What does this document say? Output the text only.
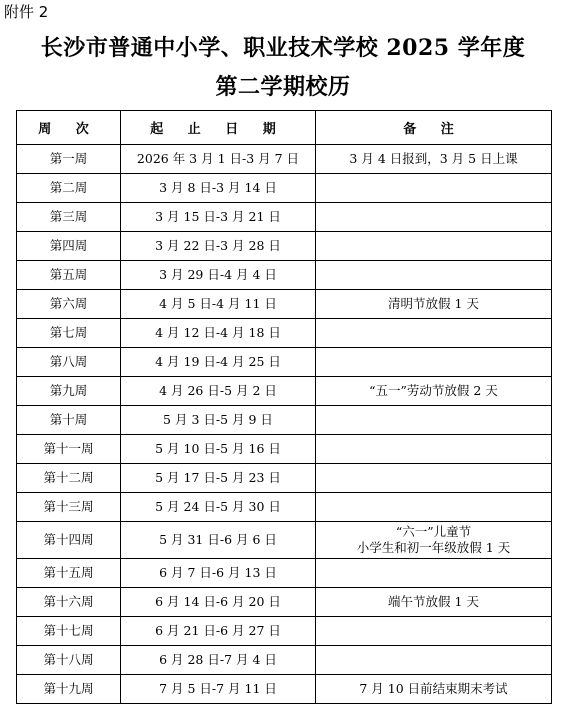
附件 2
长沙市普通中小学、职业技术学校 2025 学年度
第二学期校历
周 次	起 止 日 期	备 注
第一周	2026 年 3 月 1 日-3 月 7 日	3 月 4 日报到，3 月 5 日上课

第二周	3 月 8 日-3 月 14 日	

第三周	3 月 15 日-3 月 21 日	

第四周	3 月 22 日-3 月 28 日	

第五周	3 月 29 日-4 月 4 日	

第六周	4 月 5 日-4 月 11 日	清明节放假 1 天

第七周	4 月 12 日-4 月 18 日	

第八周	4 月 19 日-4 月 25 日	

第九周	4 月 26 日-5 月 2 日	“五一”劳动节放假 2 天

第十周	5 月 3 日-5 月 9 日	

第十一周	5 月 10 日-5 月 16 日	

第十二周	5 月 17 日-5 月 23 日	

第十三周	5 月 24 日-5 月 30 日	

第十四周	5 月 31 日-6 月 6 日	“六一”儿童节
小学生和初一年级放假 1 天

第十五周	6 月 7 日-6 月 13 日	

第十六周	6 月 14 日-6 月 20 日	端午节放假 1 天

第十七周	6 月 21 日-6 月 27 日	

第十八周	6 月 28 日-7 月 4 日	

第十九周	7 月 5 日-7 月 11 日	7 月 10 日前结束期末考试
